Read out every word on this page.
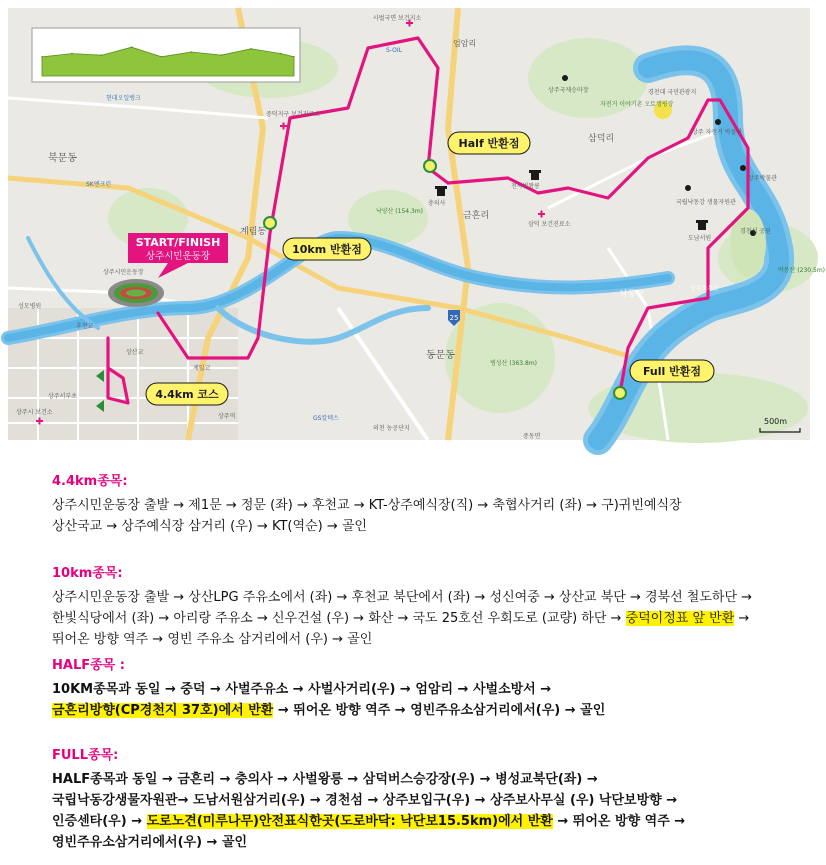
START/FINISH
상주시민운동장
Half 반환점
10km 반환점
Full 반환점
4.4km 코스
25
북문동
계림동
동문동
낙동강
엄암리
삼덕리
금흔리
경천섬 공원
상주보우안
낙양산 (154.3m)
병성산 (363.8m)
경천대 국민관광지
상주 자전거 박물관
사벌국면 보건지소
중덕지구 보건진료소
삼덕 보건진료소
전사벌왕릉
충의사
현대오일뱅크
SK엔크린
S-OIL
GS칼텍스
상주시 보건소
상산교
후천교
제일교
도남서원
국립낙동강 생물자원관
상주박물관
박봉산 (230.5m)
상주국제승마장
자전거 이야기촌 오토캠핑장
상주역
성모병원
의천 농공단지
중동면
상주시민운동장
상주서부초
500m

4.4km종목:

상주시민운동장 출발 → 제1문 → 정문 (좌) → 후천교 → KT-상주예식장(직) → 축협사거리 (좌) → 구)귀빈예식장
상산국교 → 상주예식장 삼거리 (우) → KT(역순) → 골인

10km종목:

상주시민운동장 출발 → 상산LPG 주유소에서 (좌) → 후천교 북단에서 (좌) → 성신여중 → 상산교 북단 → 경북선 철도하단 →
한빛식당에서 (좌) → 아리랑 주유소 → 신우건설 (우) → 화산 → 국도 25호선 우회도로 (교량) 하단 → 중덕이정표 앞 반환 →
뛰어온 방향 역주 → 영빈 주유소 삼거리에서 (우) → 골인

HALF종목 :

10KM종목과 동일 → 중덕 → 사벌주유소 → 사벌사거리(우) → 엄암리 → 사벌소방서 →
금흔리방향(CP경천지 37호)에서 반환 → 뛰어온 방향 역주 → 영빈주유소삼거리에서(우) → 골인

FULL종목:

HALF종목과 동일 → 금흔리 → 충의사 → 사벌왕릉 → 삼덕버스승강장(우) → 병성교북단(좌) →
국립낙동강생물자원관→ 도남서원삼거리(우) → 경천섬 → 상주보입구(우) → 상주보사무실 (우) 낙단보방향 →
인증센타(우) → 도로노견(미루나무)안전표식한곳(도로바닥: 낙단보15.5km)에서 반환 → 뛰어온 방향 역주 →
영빈주유소삼거리에서(우) → 골인
